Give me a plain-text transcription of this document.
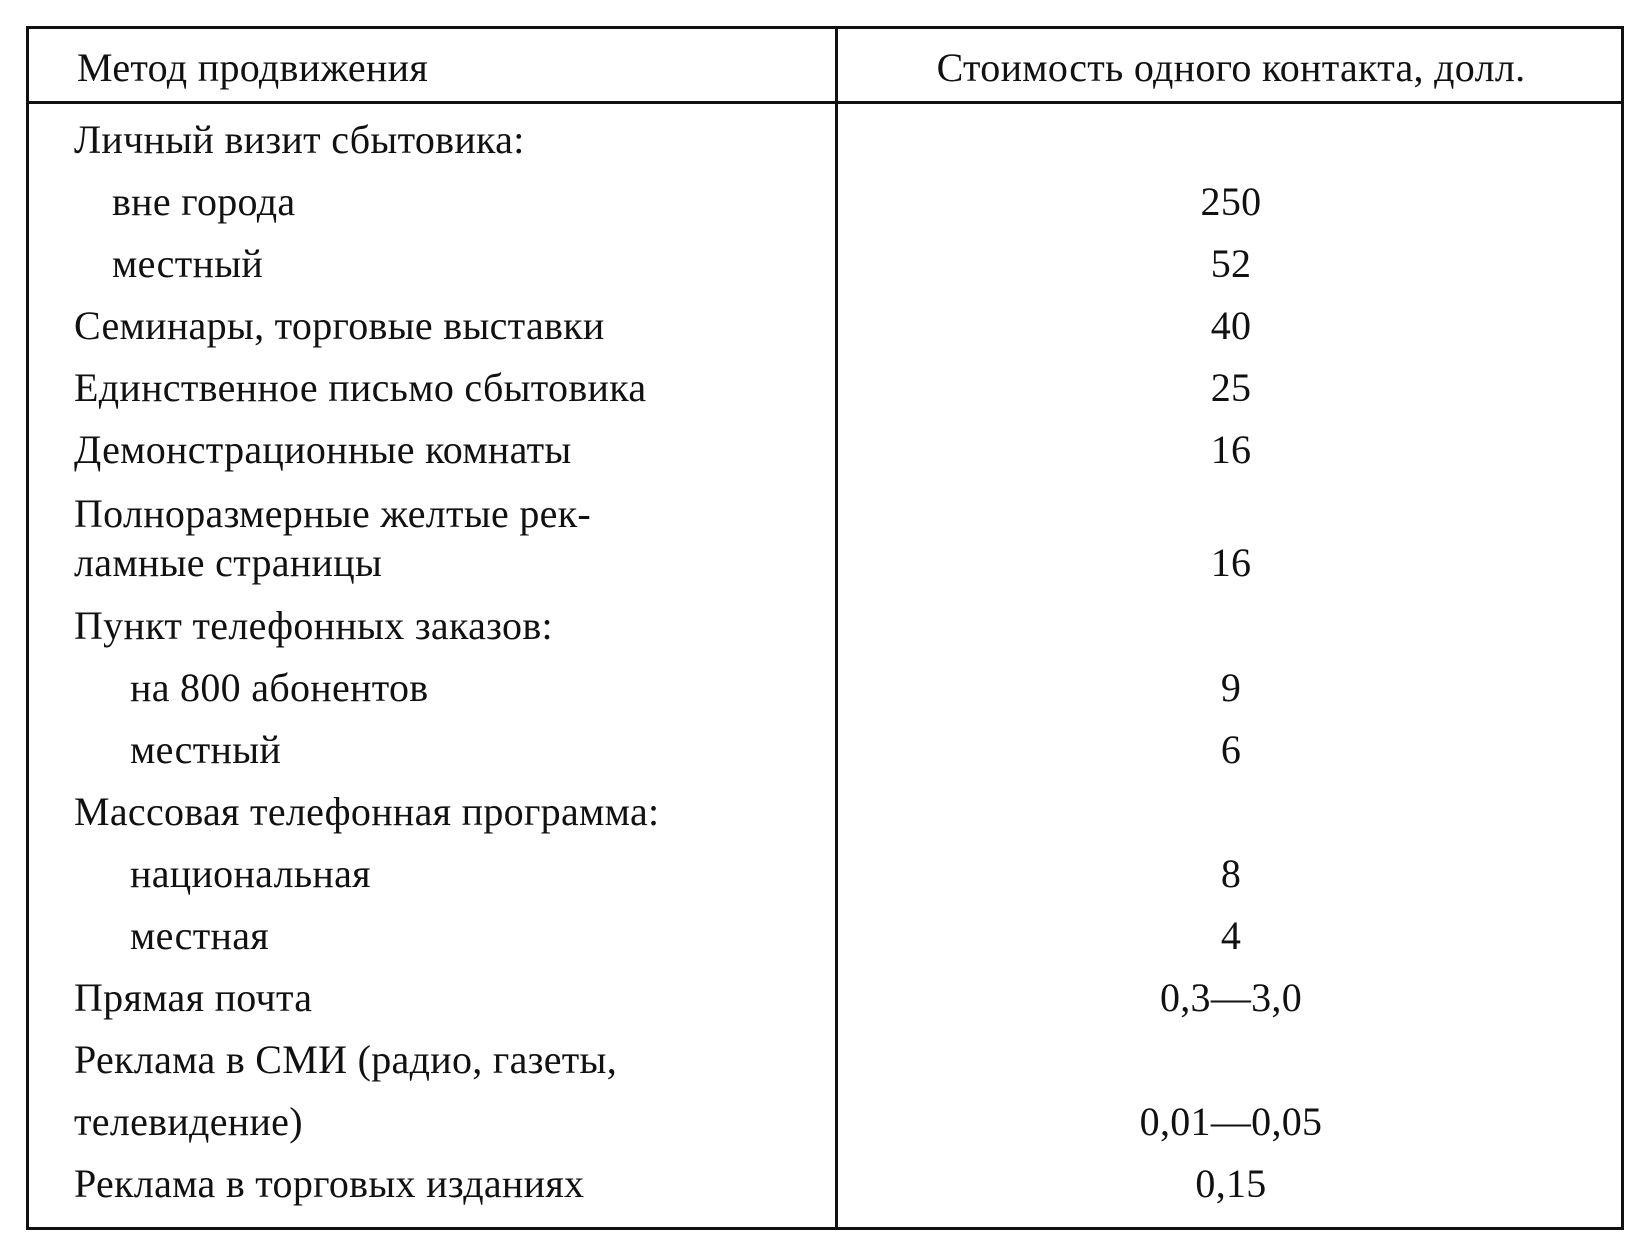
Метод продвижения	Стоимость одного контакта, долл.
Личный визит сбытовика:
вне города	250
местный	52
Семинары, торговые выставки	40
Единственное письмо сбытовика	25
Демонстрационные комнаты	16
Полноразмерные желтые рек-
ламные страницы	16
Пункт телефонных заказов:
на 800 абонентов	9
местный	6
Массовая телефонная программа:
национальная	8
местная	4
Прямая почта	0,3—3,0
Реклама в СМИ (радио, газеты,
телевидение)	0,01—0,05
Реклама в торговых изданиях	0,15
